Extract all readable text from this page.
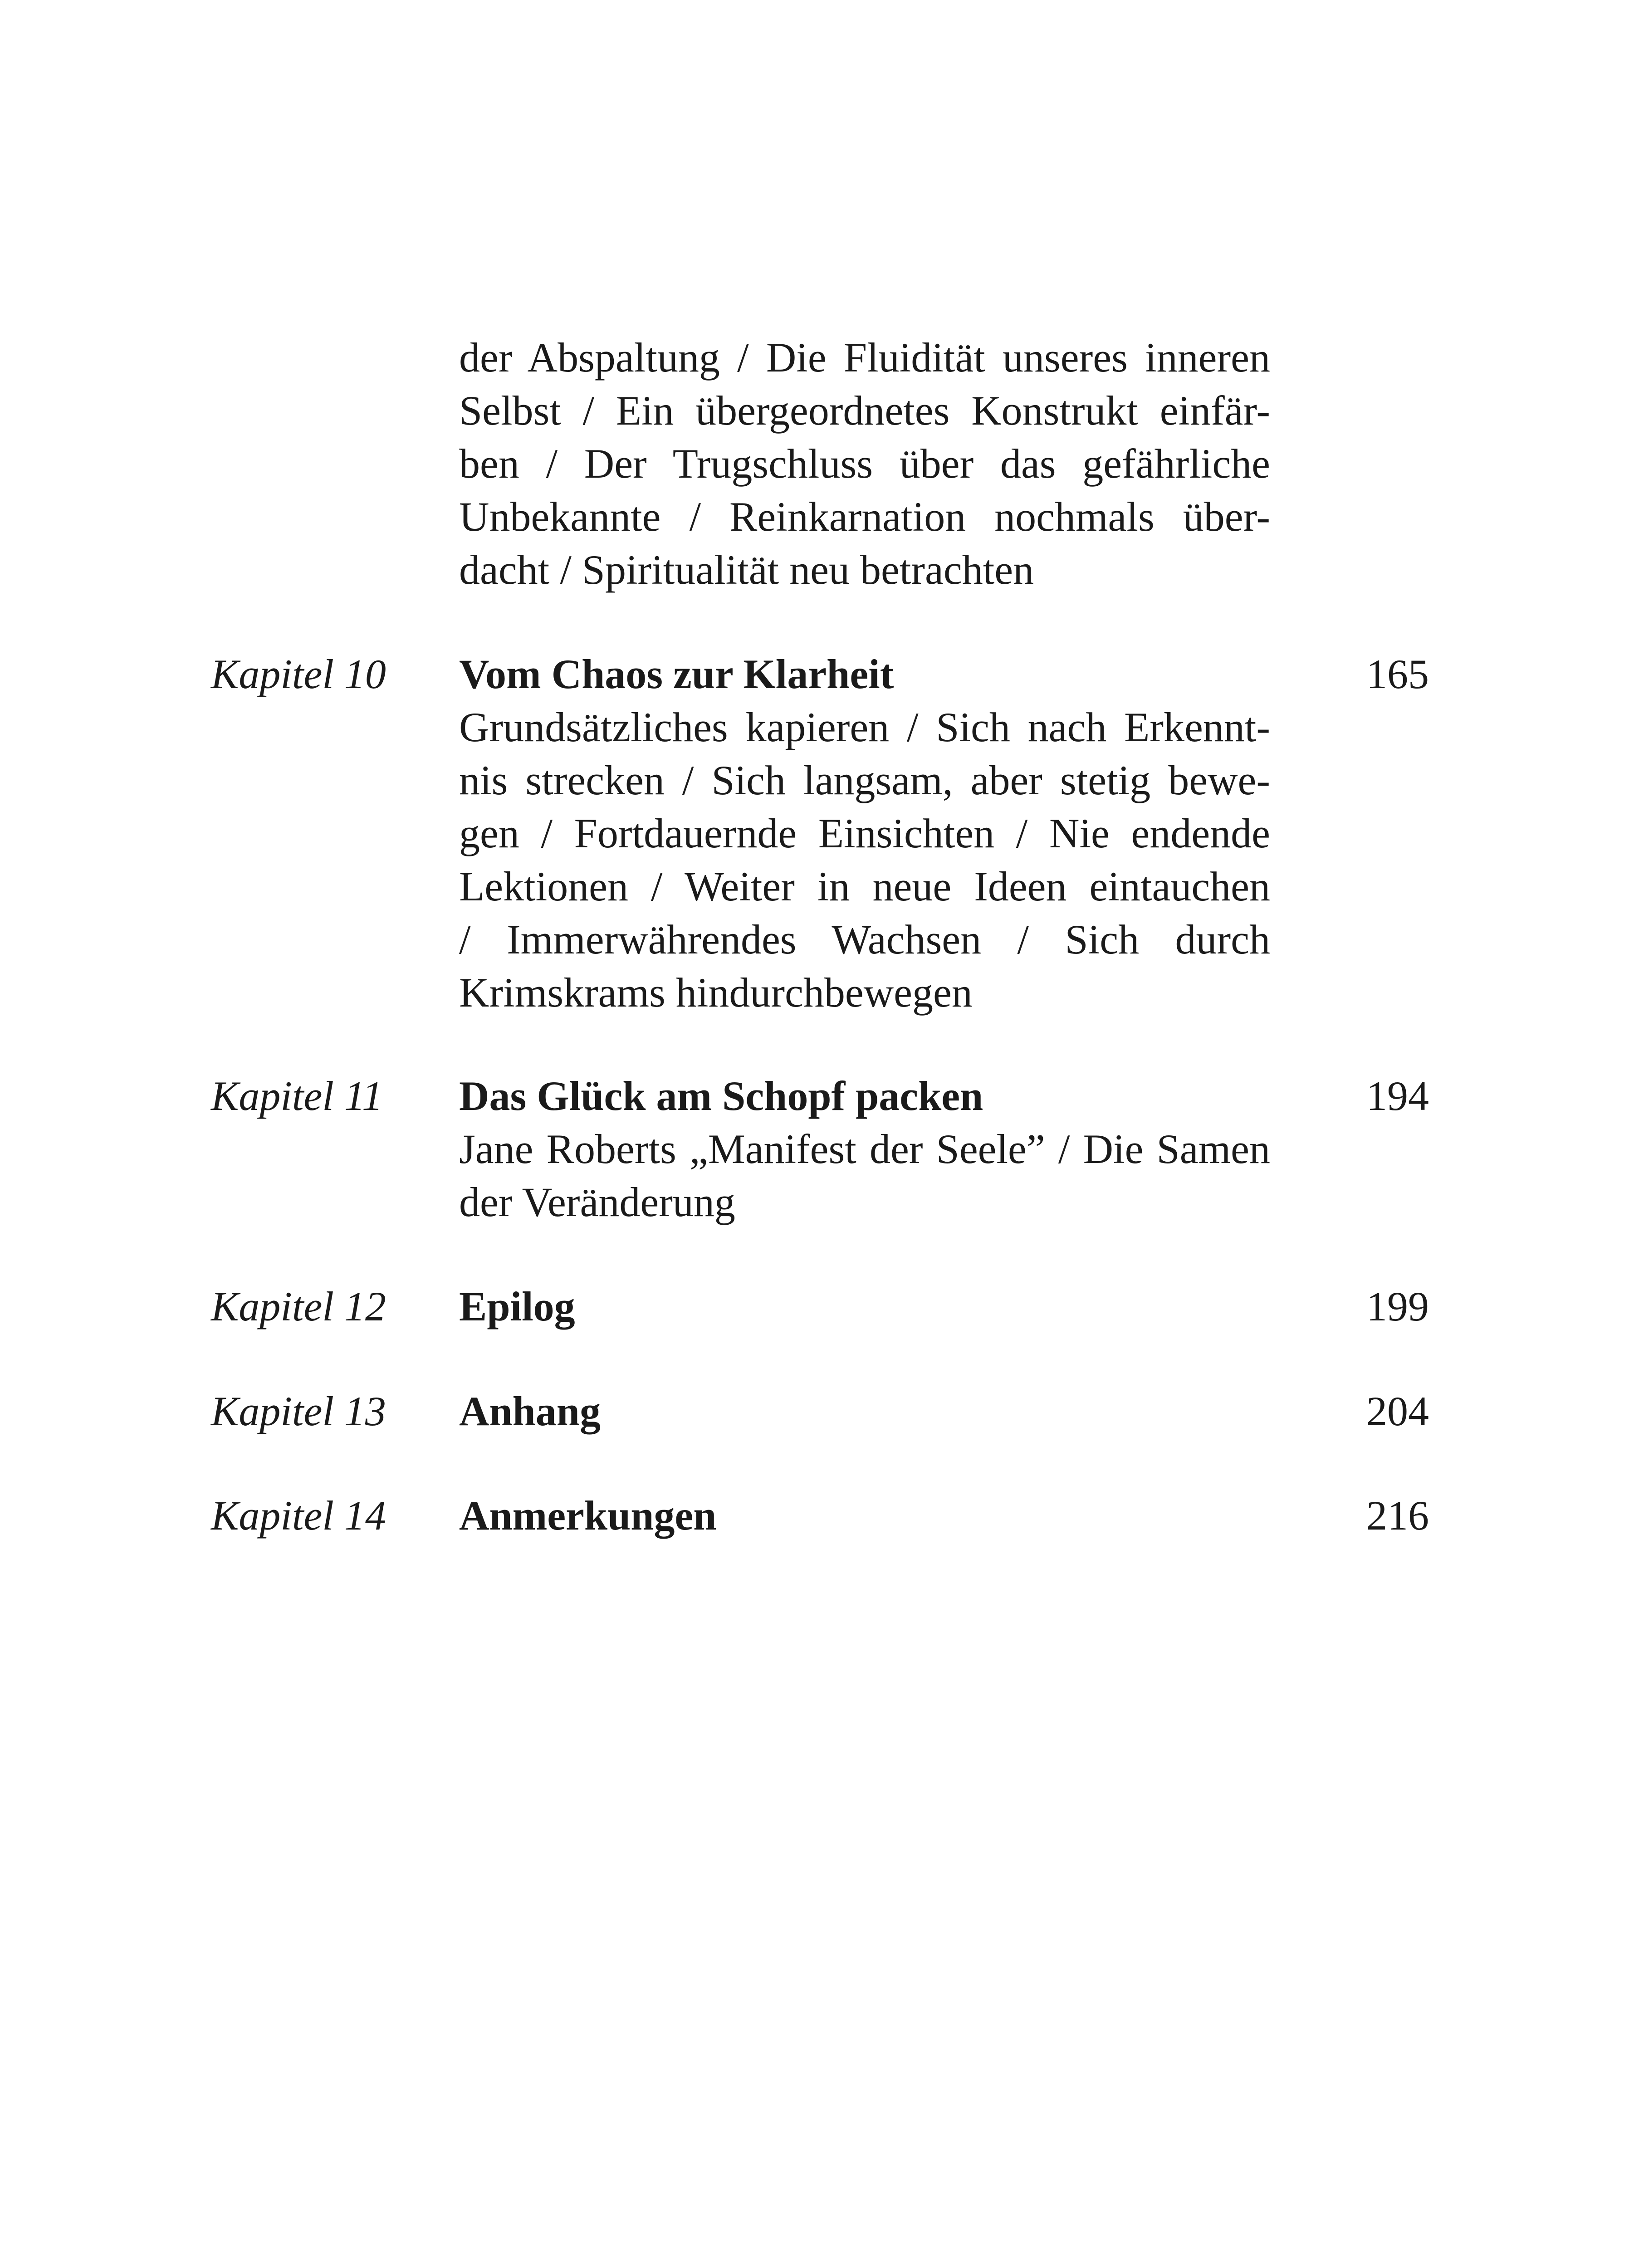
der Abspaltung / Die Fluidität unseres inneren
Selbst / Ein übergeordnetes Konstrukt einfär-
ben / Der Trugschluss über das gefährliche
Unbekannte / Reinkarnation nochmals über-
dacht / Spiritualität neu betrachten
Kapitel 10 Vom Chaos zur Klarheit	165
Grundsätzliches kapieren / Sich nach Erkennt-
nis strecken / Sich langsam, aber stetig bewe-
gen / Fortdauernde Einsichten / Nie endende
Lektionen / Weiter in neue Ideen eintauchen
/ Immerwährendes Wachsen / Sich durch
Krimskrams hindurchbewegen
Kapitel 11 Das Glück am Schopf packen	194
Jane Roberts „Manifest der Seele” / Die Samen
der Veränderung
Kapitel 12 Epilog	199
Kapitel 13 Anhang	204
Kapitel 14 Anmerkungen	216
